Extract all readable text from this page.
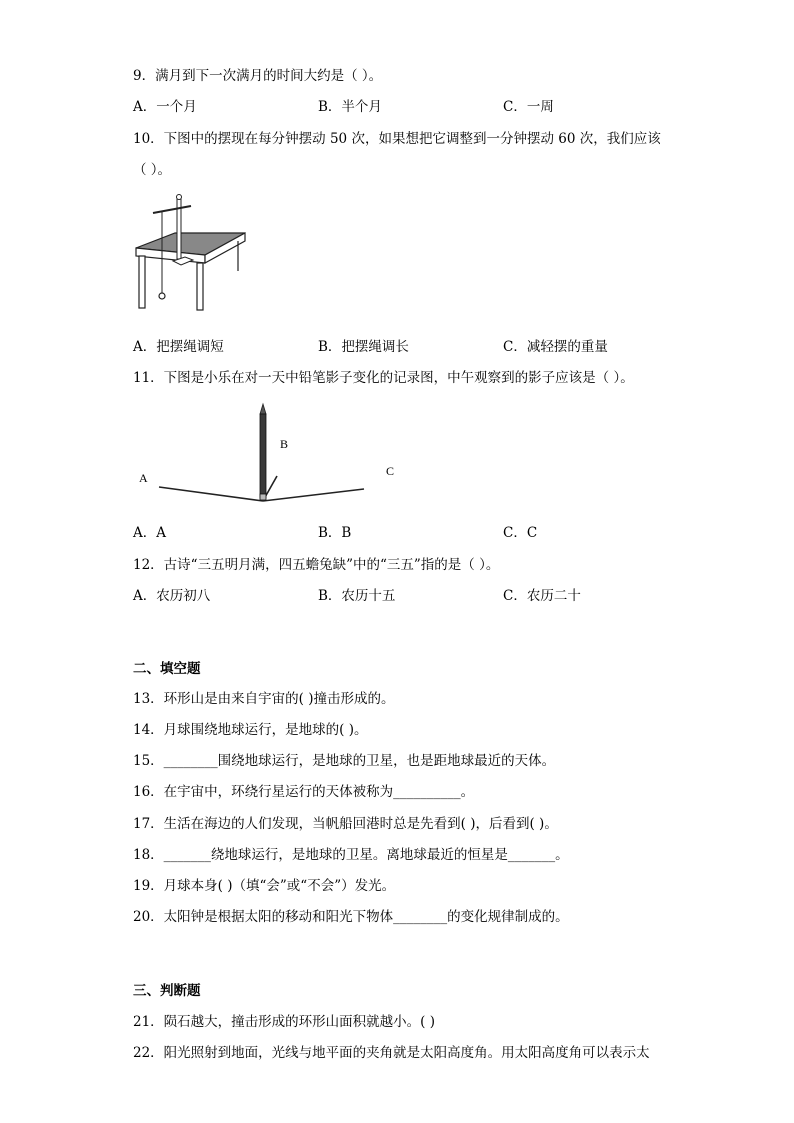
9．满月到下一次满月的时间大约是（ ）。
A．一个月	B．半个月	C．一周
10．下图中的摆现在每分钟摆动 50 次，如果想把它调整到一分钟摆动 60 次，我们应该
（ ）。
A．把摆绳调短	B．把摆绳调长	C．减轻摆的重量
11．下图是小乐在对一天中铅笔影子变化的记录图，中午观察到的影子应该是（ ）。
A
B
C
A．A	B．B	C．C
12．古诗“三五明月满，四五蟾兔缺”中的“三五”指的是（ ）。
A．农历初八	B．农历十五	C．农历二十
二、填空题
13．环形山是由来自宇宙的( )撞击形成的。
14．月球围绕地球运行，是地球的( )。
15．________围绕地球运行，是地球的卫星，也是距地球最近的天体。
16．在宇宙中，环绕行星运行的天体被称为__________。
17．生活在海边的人们发现，当帆船回港时总是先看到( )，后看到( )。
18．_______绕地球运行，是地球的卫星。离地球最近的恒星是_______。
19．月球本身( )（填“会”或“不会”）发光。
20．太阳钟是根据太阳的移动和阳光下物体________的变化规律制成的。
三、判断题
21．陨石越大，撞击形成的环形山面积就越小。( )
22．阳光照射到地面，光线与地平面的夹角就是太阳高度角。用太阳高度角可以表示太
